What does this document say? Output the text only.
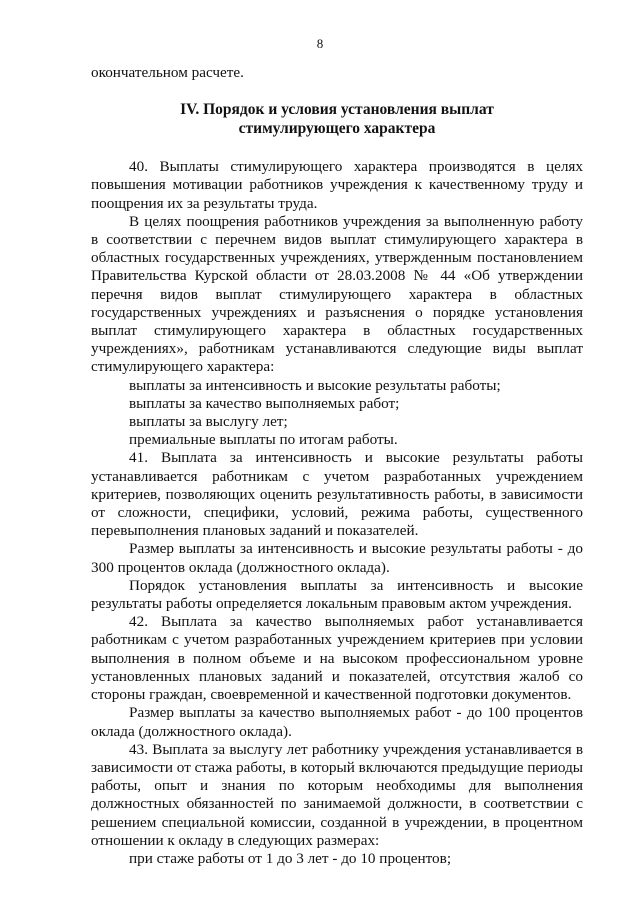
8

окончательном расчете.

IV. Порядок и условия установления выплат
стимулирующего характера

40. Выплаты стимулирующего характера производятся в целях повышения мотивации работников учреждения к качественному труду и поощрения их за результаты труда.

В целях поощрения работников учреждения за выполненную работу в соответствии с перечнем видов выплат стимулирующего характера в областных государственных учреждениях, утвержденным постановлением Правительства Курской области от 28.03.2008 № 44 «Об утверждении перечня видов выплат стимулирующего характера в областных государственных учреждениях и разъяснения о порядке установления выплат стимулирующего характера в областных государственных учреждениях», работникам устанавливаются следующие виды выплат стимулирующего характера:

выплаты за интенсивность и высокие результаты работы;

выплаты за качество выполняемых работ;

выплаты за выслугу лет;

премиальные выплаты по итогам работы.

41. Выплата за интенсивность и высокие результаты работы устанавливается работникам с учетом разработанных учреждением критериев, позволяющих оценить результативность работы, в зависимости от сложности, специфики, условий, режима работы, существенного перевыполнения плановых заданий и показателей.

Размер выплаты за интенсивность и высокие результаты работы - до 300 процентов оклада (должностного оклада).

Порядок установления выплаты за интенсивность и высокие результаты работы определяется локальным правовым актом учреждения.

42. Выплата за качество выполняемых работ устанавливается работникам с учетом разработанных учреждением критериев при условии выполнения в полном объеме и на высоком профессиональном уровне установленных плановых заданий и показателей, отсутствия жалоб со стороны граждан, своевременной и качественной подготовки документов.

Размер выплаты за качество выполняемых работ - до 100 процентов оклада (должностного оклада).

43. Выплата за выслугу лет работнику учреждения устанавливается в зависимости от стажа работы, в который включаются предыдущие периоды работы, опыт и знания по которым необходимы для выполнения должностных обязанностей по занимаемой должности, в соответствии с решением специальной комиссии, созданной в учреждении, в процентном отношении к окладу в следующих размерах:

при стаже работы от 1 до 3 лет - до 10 процентов;
